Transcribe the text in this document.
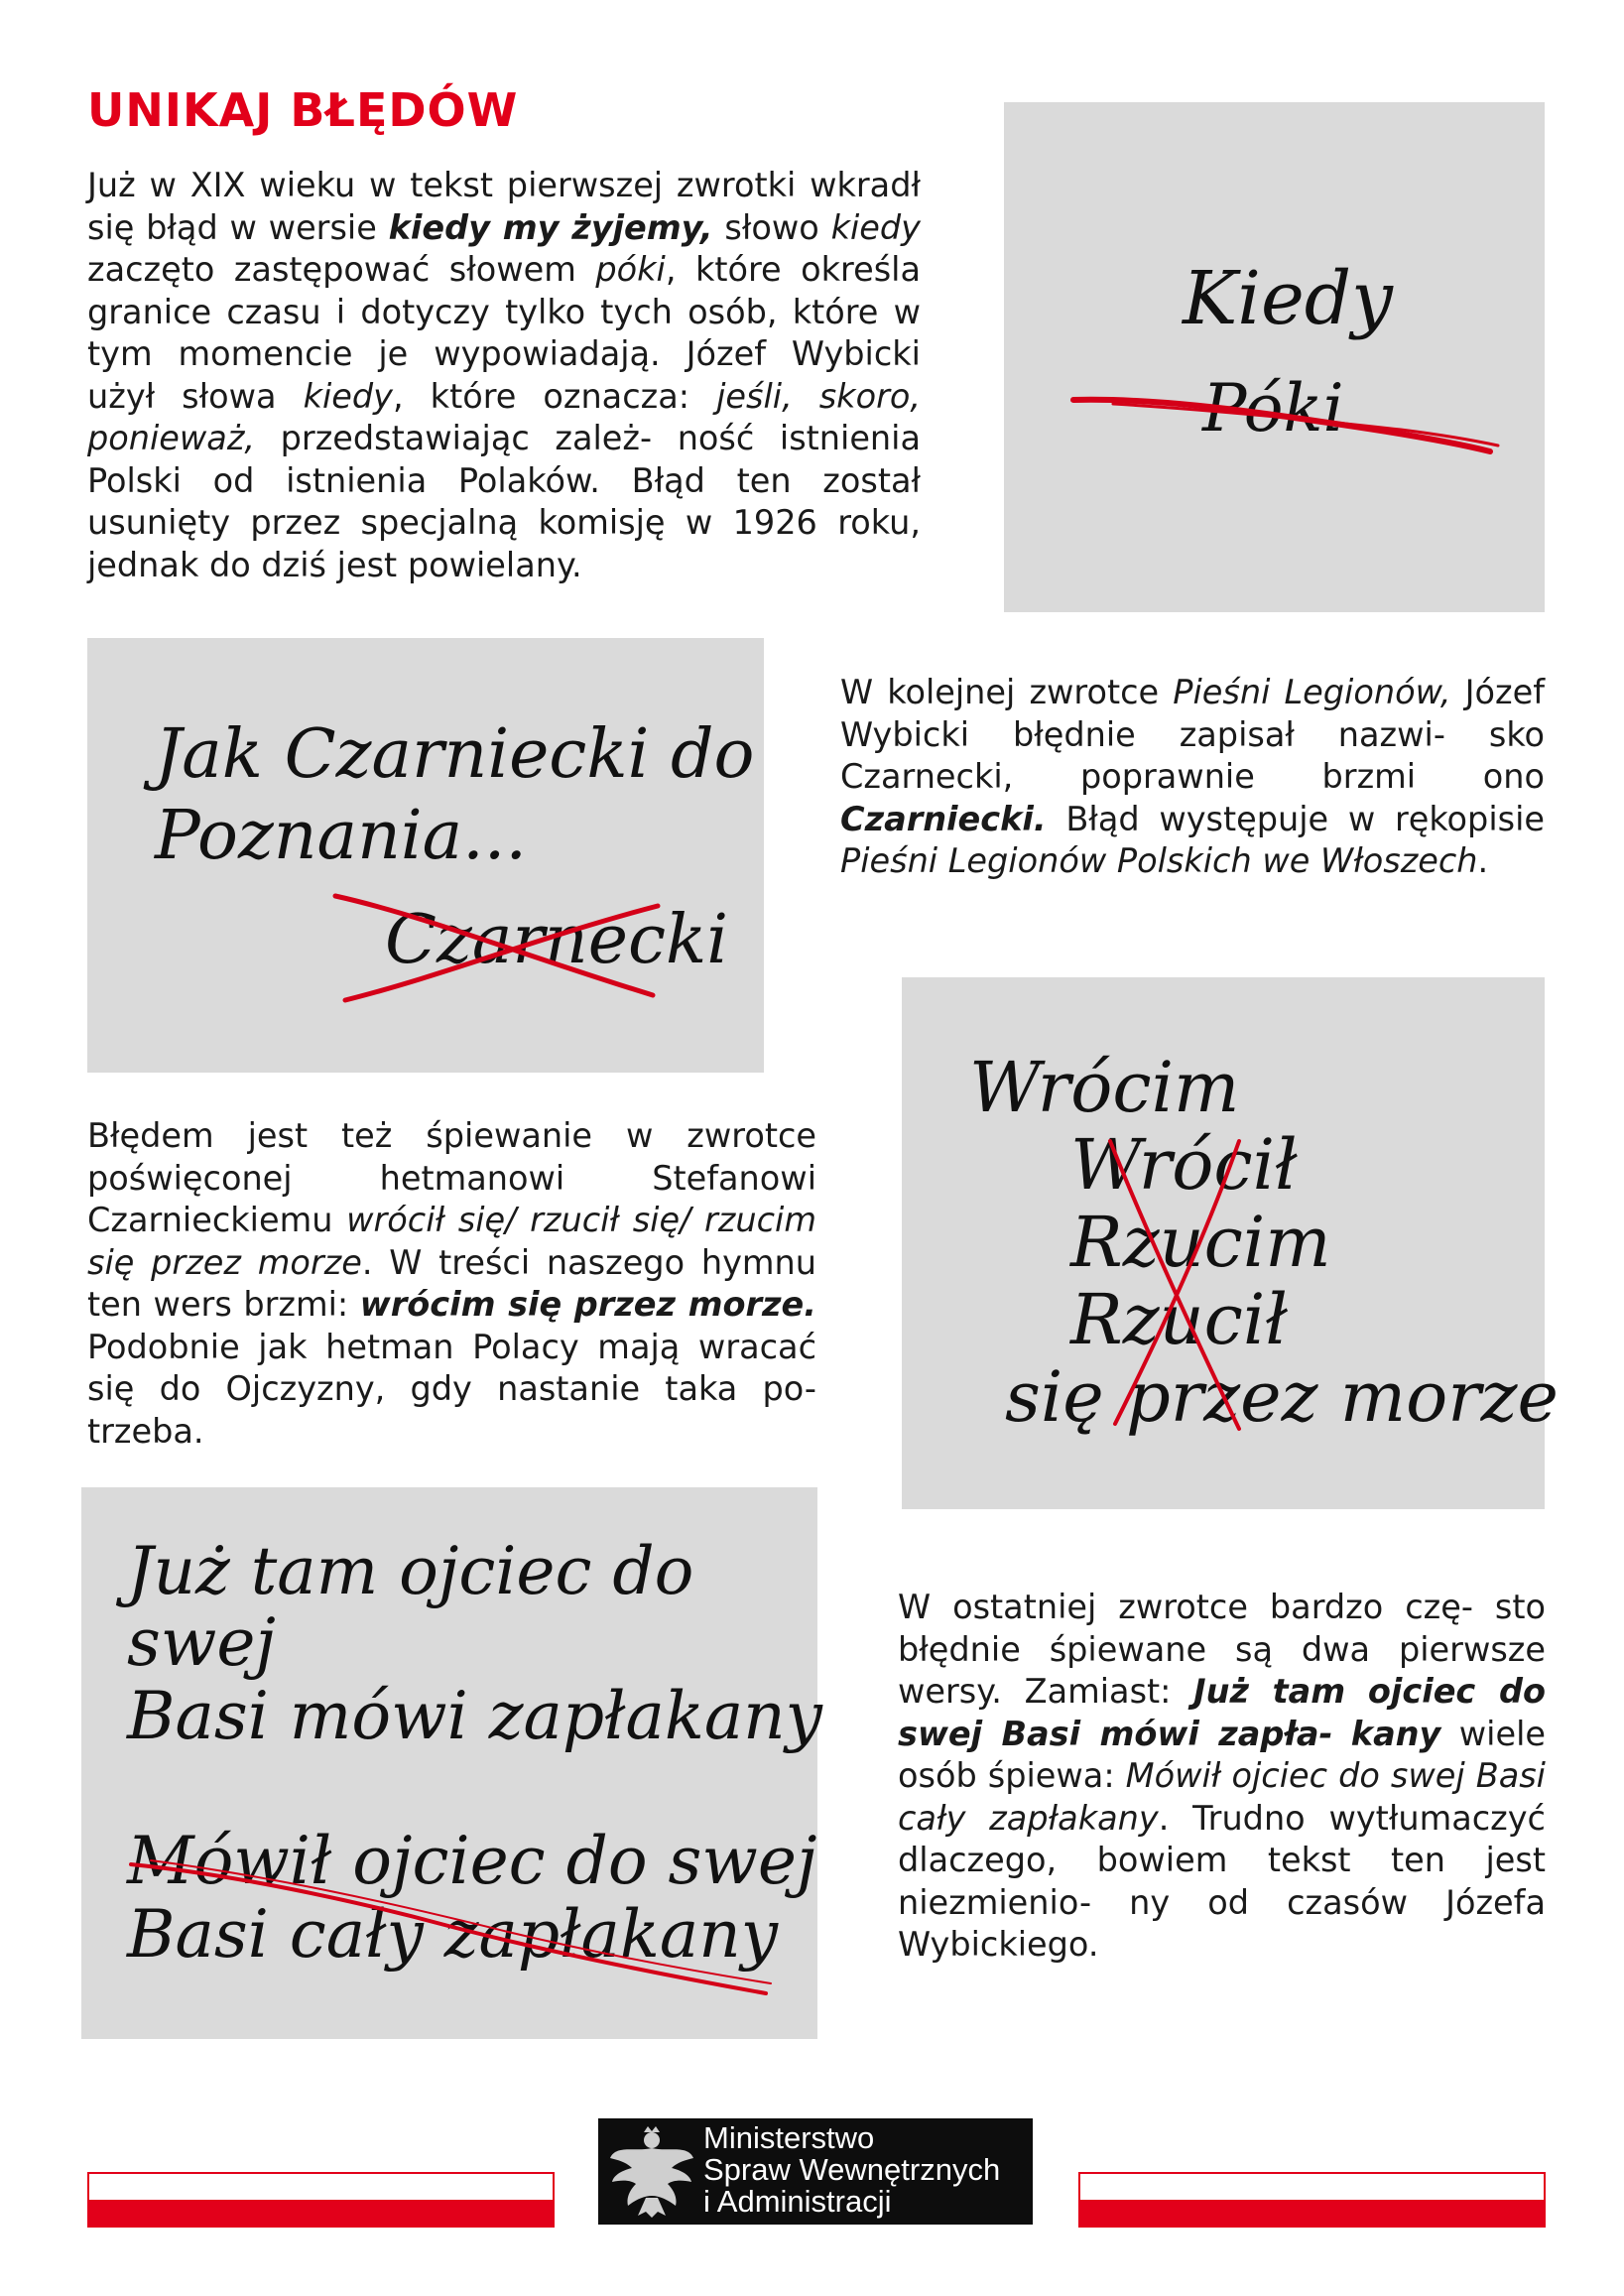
UNIKAJ BŁĘDÓW

Już w XIX wieku w tekst pierwszej zwrotki wkradł się błąd w wersie kiedy my żyjemy, słowo kiedy zaczęto zastępować słowem póki, które określa granice czasu i dotyczy tylko tych osób, które w tym momencie je wypowiadają. Józef Wybicki użył słowa kiedy, które oznacza: jeśli, skoro, ponieważ, przedstawiając zależ- ność istnienia Polski od istnienia Polaków. Błąd ten został usunięty przez specjalną komisję w 1926 roku, jednak do dziś jest powielany.

Kiedy
Póki
Jak Czarniecki do
Poznania...
Czarnecki

W kolejnej zwrotce Pieśni Legionów, Józef Wybicki błędnie zapisał nazwi- sko Czarnecki, poprawnie brzmi ono Czarniecki. Błąd występuje w rękopisie Pieśni Legionów Polskich we Włoszech.

Wrócim
Wrócił
Rzucim
Rzucił
się przez morze

Błędem jest też śpiewanie w zwrotce poświęconej hetmanowi Stefanowi Czarnieckiemu wrócił się/ rzucił się/ rzucim się przez morze. W treści naszego hymnu ten wers brzmi: wrócim się przez morze. Podobnie jak hetman Polacy mają wracać się do Ojczyzny, gdy nastanie taka po- trzeba.

Już tam ojciec do
swej
Basi mówi zapłakany
Mówił ojciec do swej
Basi cały zapłakany

W ostatniej zwrotce bardzo czę- sto błędnie śpiewane są dwa pierwsze wersy. Zamiast: Już tam ojciec do swej Basi mówi zapła- kany wiele osób śpiewa: Mówił ojciec do swej Basi cały zapłakany. Trudno wytłumaczyć dlaczego, bowiem tekst ten jest niezmienio- ny od czasów Józefa Wybickiego.

Ministerstwo
Spraw Wewnętrznych
i Administracji
